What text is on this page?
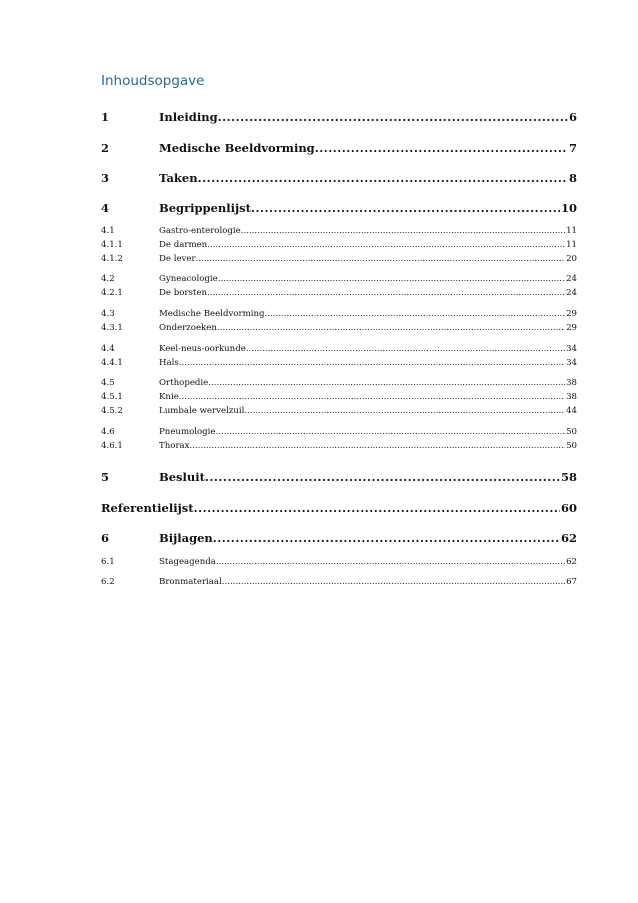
Inhoudsopgave
1	Inleiding .....	6
2	Medische Beeldvorming .....	7
3	Taken .....	8
4	Begrippenlijst .....	10
4.1	Gastro-enterologie .....	11
4.1.1	De darmen .....	11
4.1.2	De lever .....	20
4.2	Gyneacologie .....	24
4.2.1	De borsten .....	24
4.3	Medische Beeldvorming .....	29
4.3.1	Onderzoeken .....	29
4.4	Keel-neus-oorkunde .....	34
4.4.1	Hals .....	34
4.5	Orthopedie .....	38
4.5.1	Knie .....	38
4.5.2	Lumbale wervelzuil .....	44
4.6	Pneumologie .....	50
4.6.1	Thorax .....	50
5	Besluit .....	58
Referentielijst .....	60
6	Bijlagen .....	62
6.1	Stageagenda .....	62
6.2	Bronmateriaal .....	67
